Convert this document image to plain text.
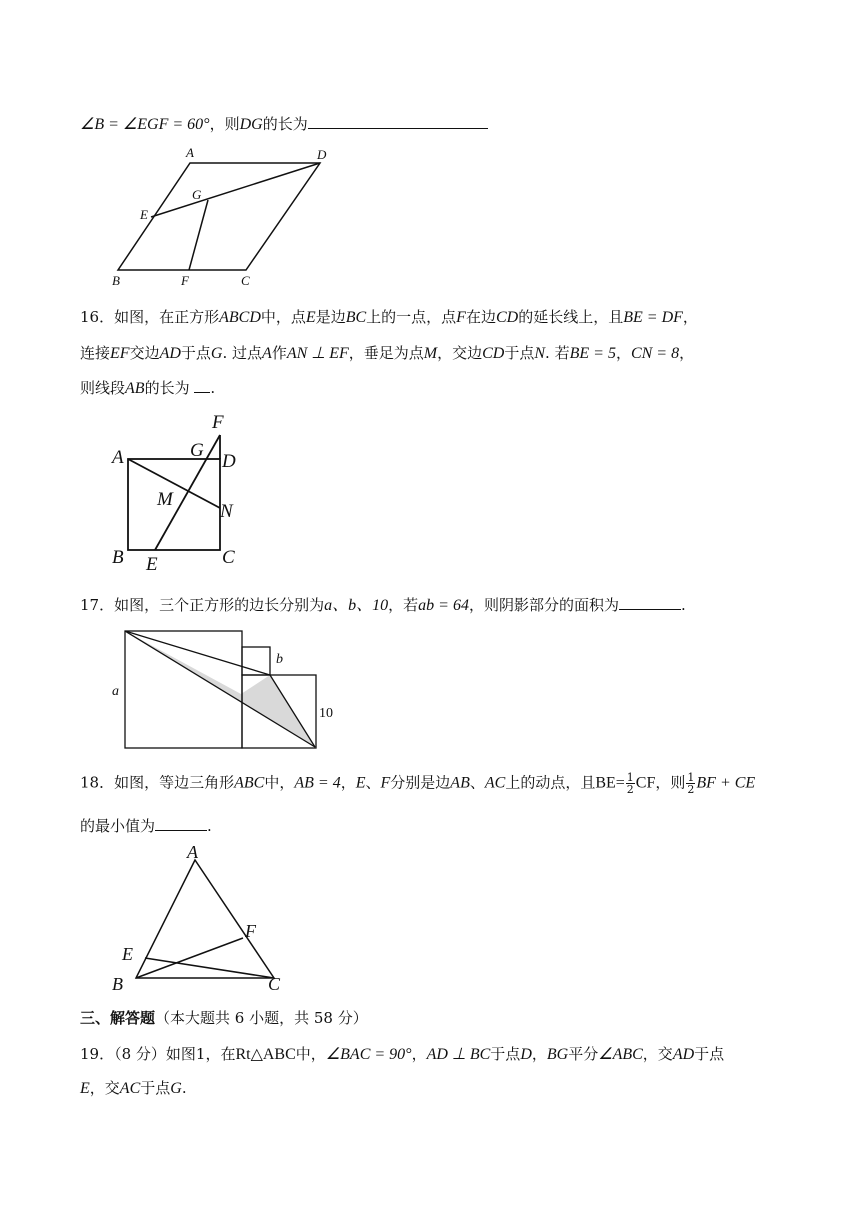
∠B = ∠EGF = 60°，则DG的长为
A	D
G
E
B	F	C
16．如图，在正方形ABCD中，点E是边BC上的一点，点F在边CD的延长线上，且BE = DF，
连接EF交边AD于点G. 过点A作AN ⊥ EF，垂足为点M，交边CD于点N. 若BE = 5，CN = 8，
则线段AB的长为 .
F
A	G
D
M
N
B E	C
17．如图，三个正方形的边长分别为a、b、10，若ab = 64，则阴影部分的面积为	.
a
b
10
18．如图，等边三角形ABC中，AB = 4，E、F分别是边AB、AC上的动点，且$BE= \frac{1}{2}$ CF，则 $\frac{1}{2}$ BF + CE
的最小值为	.
A
F
E
B	C
三、解答题（本大题共 6 小题，共 58 分）
19．（8 分）如图1，在Rt△ABC中，∠BAC = 90°，AD ⊥ BC于点D，BG平分∠ABC，交AD于点
E，交AC于点G.
